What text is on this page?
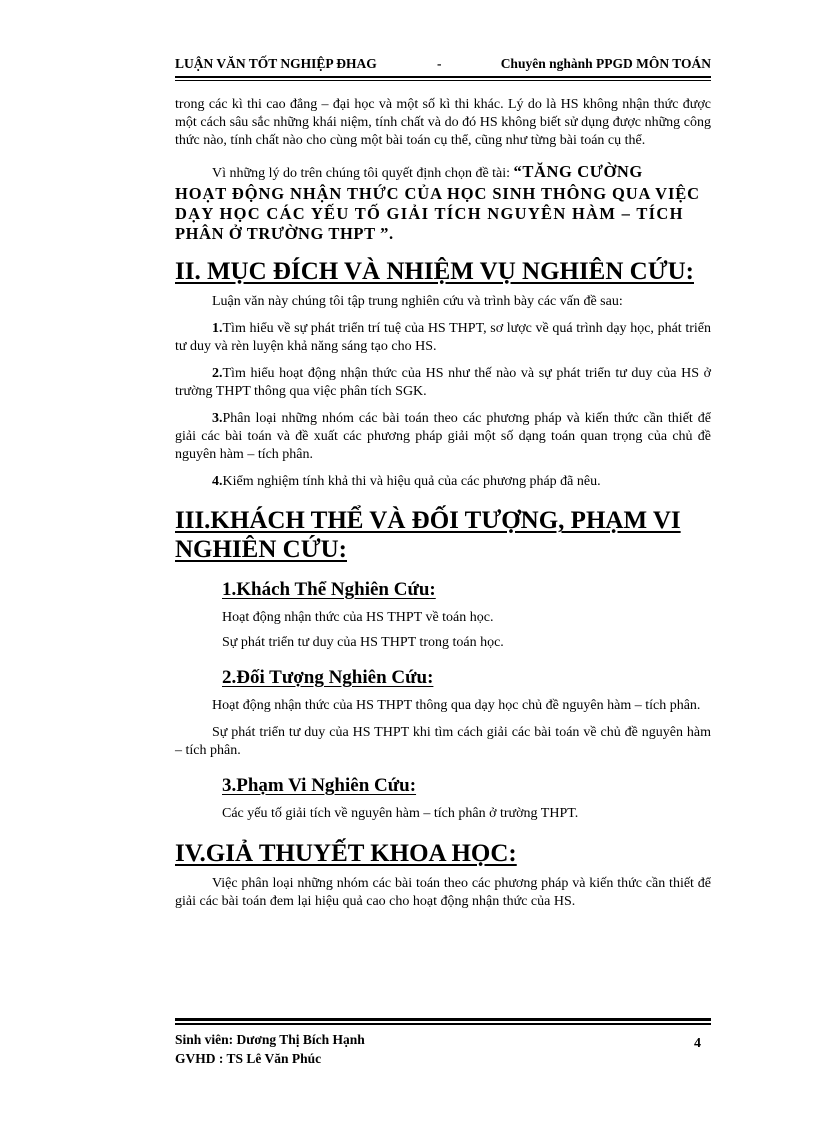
LUẬN VĂN TỐT NGHIỆP ĐHAG	-	Chuyên nghành PPGD MÔN TOÁN

trong các kì thi cao đẳng – đại học và một số kì thi khác. Lý do là HS không nhận thức được một cách sâu sắc những khái niệm, tính chất và do đó HS không biết sử dụng được những công thức nào, tính chất nào cho cùng một bài toán cụ thể, cũng như từng bài toán cụ thể.

Vì những lý do trên chúng tôi quyết định chọn đề tài: “TĂNG CƯỜNG
HOẠT ĐỘNG NHẬN THỨC CỦA HỌC SINH THÔNG QUA VIỆC
DẠY HỌC CÁC YẾU TỐ GIẢI TÍCH NGUYÊN HÀM – TÍCH
PHÂN Ở TRƯỜNG THPT ”.
II. MỤC ĐÍCH VÀ NHIỆM VỤ NGHIÊN CỨU:

Luận văn này chúng tôi tập trung nghiên cứu và trình bày các vấn đề sau:

1.Tìm hiểu về sự phát triển trí tuệ của HS THPT, sơ lược về quá trình dạy học, phát triển tư duy và rèn luyện khả năng sáng tạo cho HS.

2.Tìm hiểu hoạt động nhận thức của HS như thế nào và sự phát triển tư duy của HS ở trường THPT thông qua việc phân tích SGK.

3.Phân loại những nhóm các bài toán theo các phương pháp và kiến thức cần thiết để giải các bài toán và đề xuất các phương pháp giải một số dạng toán quan trọng của chủ đề nguyên hàm – tích phân.

4.Kiểm nghiệm tính khả thi và hiệu quả của các phương pháp đã nêu.

III.KHÁCH THỂ VÀ ĐỐI TƯỢNG, PHẠM VI
NGHIÊN CỨU:
1.Khách Thể Nghiên Cứu:

Hoạt động nhận thức của HS THPT về toán học.

Sự phát triển tư duy của HS THPT trong toán học.

2.Đối Tượng Nghiên Cứu:

Hoạt động nhận thức của HS THPT thông qua dạy học chủ đề nguyên hàm – tích phân.

Sự phát triển tư duy của HS THPT khi tìm cách giải các bài toán về chủ đề nguyên hàm – tích phân.

3.Phạm Vi Nghiên Cứu:

Các yếu tố giải tích về nguyên hàm – tích phân ở trường THPT.

IV.GIẢ THUYẾT KHOA HỌC:

Việc phân loại những nhóm các bài toán theo các phương pháp và kiến thức cần thiết để giải các bài toán đem lại hiệu quả cao cho hoạt động nhận thức của HS.

Sinh viên: Dương Thị Bích Hạnh
GVHD : TS Lê Văn Phúc
4
